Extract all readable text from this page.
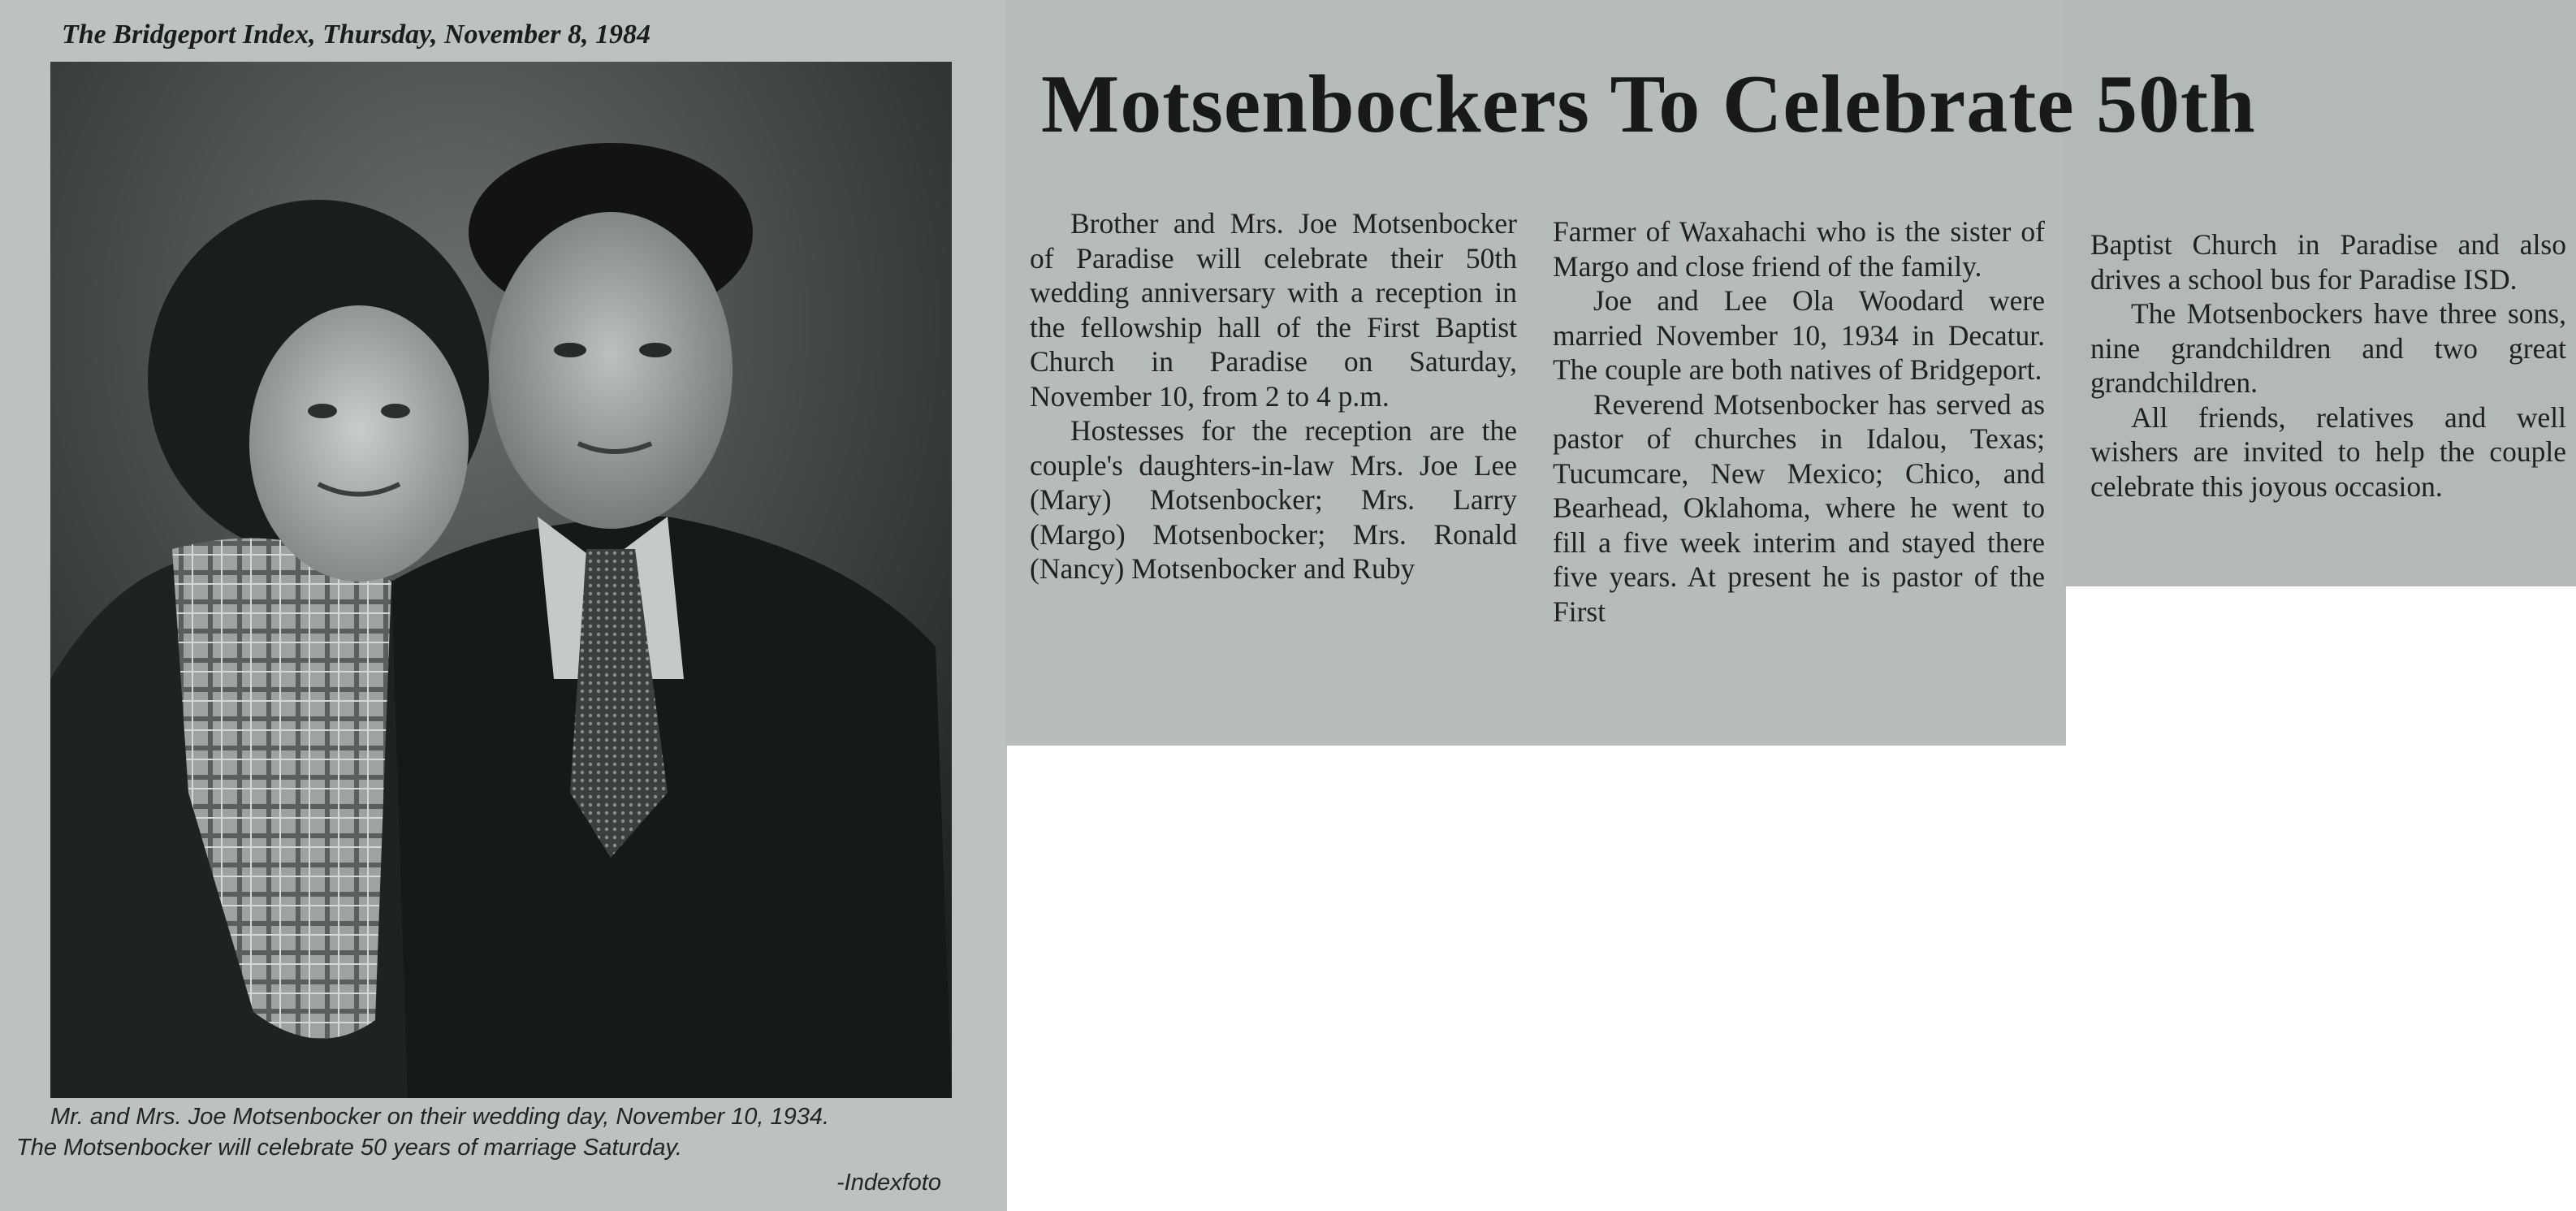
The Bridgeport Index, Thursday, November 8, 1984
Mr. and Mrs. Joe Motsenbocker on their wedding day, November 10, 1934.
The Motsenbocker will celebrate 50 years of marriage Saturday.
-Indexfoto
Motsenbockers To Celebrate 50th

Brother and Mrs. Joe Motsenbocker of Paradise will celebrate their 50th wedding anniversary with a reception in the fellowship hall of the First Baptist Church in Paradise on Saturday, November 10, from 2 to 4 p.m.

Hostesses for the reception are the couple's daughters-in-law Mrs. Joe Lee (Mary) Motsenbocker; Mrs. Larry (Margo) Motsenbocker; Mrs. Ronald (Nancy) Motsenbocker and Ruby

Farmer of Waxahachi who is the sister of Margo and close friend of the family.

Joe and Lee Ola Woodard were married November 10, 1934 in Decatur. The couple are both natives of Bridgeport.

Reverend Motsenbocker has served as pastor of churches in Idalou, Texas; Tucumcare, New Mexico; Chico, and Bearhead, Oklahoma, where he went to fill a five week interim and stayed there five years. At present he is pastor of the First

Baptist Church in Paradise and also drives a school bus for Paradise ISD.

The Motsenbockers have three sons, nine grandchildren and two great grandchildren.

All friends, relatives and well wishers are invited to help the couple celebrate this joyous occasion.
